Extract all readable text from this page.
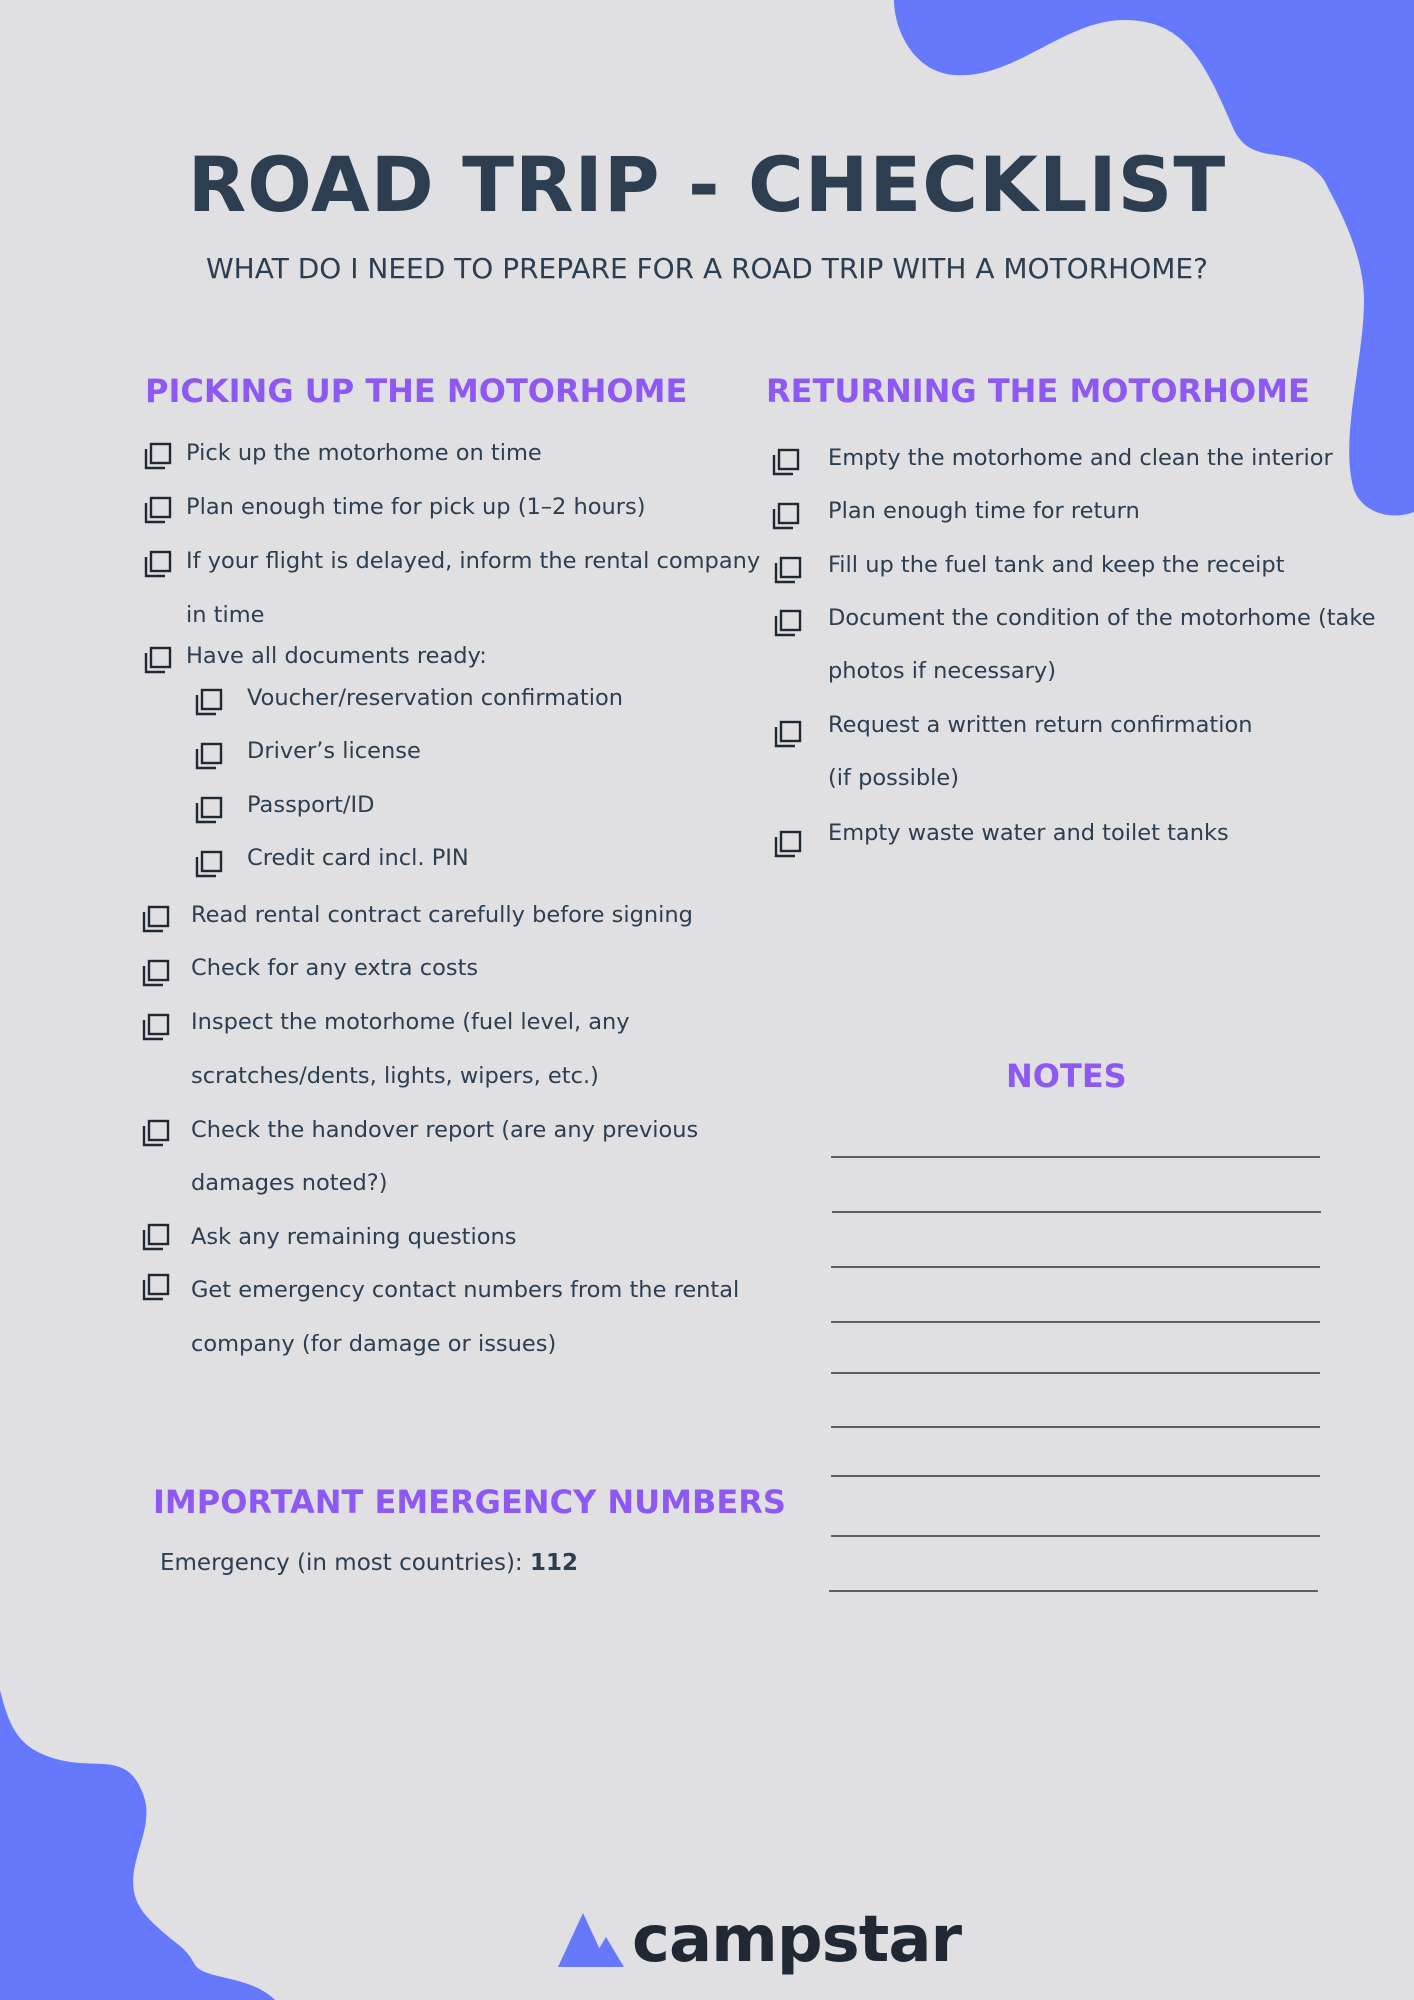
ROAD TRIP - CHECKLIST
WHAT DO I NEED TO PREPARE FOR A ROAD TRIP WITH A MOTORHOME?
PICKING UP THE MOTORHOME
Pick up the motorhome on time
Plan enough time for pick up (1–2 hours)
If your flight is delayed, inform the rental company
in time
Have all documents ready:
Voucher/reservation confirmation
Driver’s license
Passport/ID
Credit card incl. PIN
Read rental contract carefully before signing
Check for any extra costs
Inspect the motorhome (fuel level, any
scratches/dents, lights, wipers, etc.)
Check the handover report (are any previous
damages noted?)
Ask any remaining questions
Get emergency contact numbers from the rental
company (for damage or issues)
RETURNING THE MOTORHOME
Empty the motorhome and clean the interior
Plan enough time for return
Fill up the fuel tank and keep the receipt
Document the condition of the motorhome (take
photos if necessary)
Request a written return confirmation
(if possible)
Empty waste water and toilet tanks
NOTES
IMPORTANT EMERGENCY NUMBERS
Emergency (in most countries): 112
campstar
